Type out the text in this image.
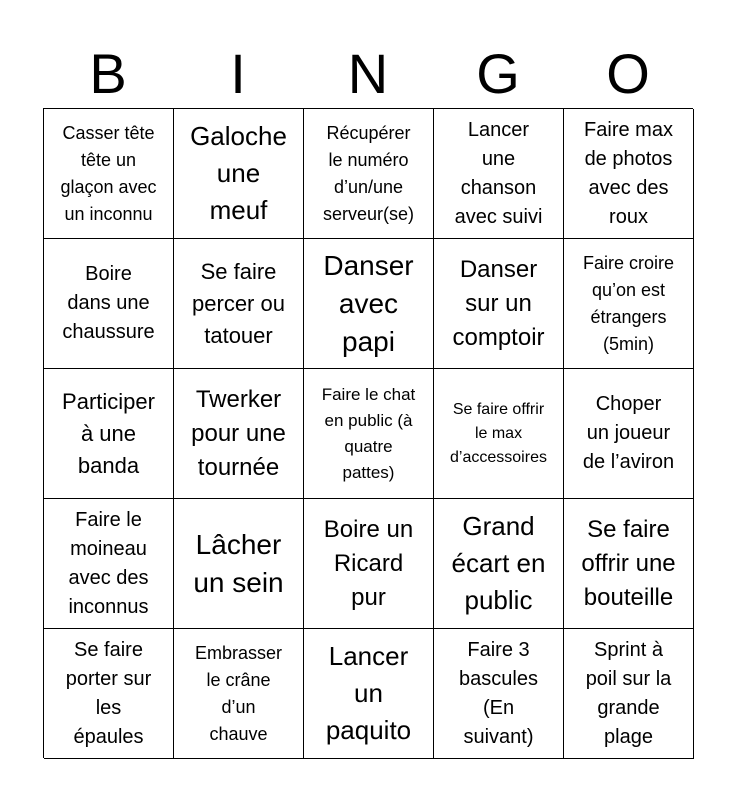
B	I	N	G	O
Casser tête
tête un
glaçon avec
un inconnu
Galoche
une
meuf
Récupérer
le numéro
d’un/une
serveur(se)
Lancer
une
chanson
avec suivi
Faire max
de photos
avec des
roux
Boire
dans une
chaussure
Se faire
percer ou
tatouer
Danser
avec
papi
Danser
sur un
comptoir
Faire croire
qu’on est
étrangers
(5min)
Participer
à une
banda
Twerker
pour une
tournée
Faire le chat
en public (à
quatre
pattes)
Se faire offrir
le max
d’accessoires
Choper
un joueur
de l’aviron
Faire le
moineau
avec des
inconnus
Lâcher
un sein
Boire un
Ricard
pur
Grand
écart en
public
Se faire
offrir une
bouteille
Se faire
porter sur
les
épaules
Embrasser
le crâne
d’un
chauve
Lancer
un
paquito
Faire 3
bascules
(En
suivant)
Sprint à
poil sur la
grande
plage
